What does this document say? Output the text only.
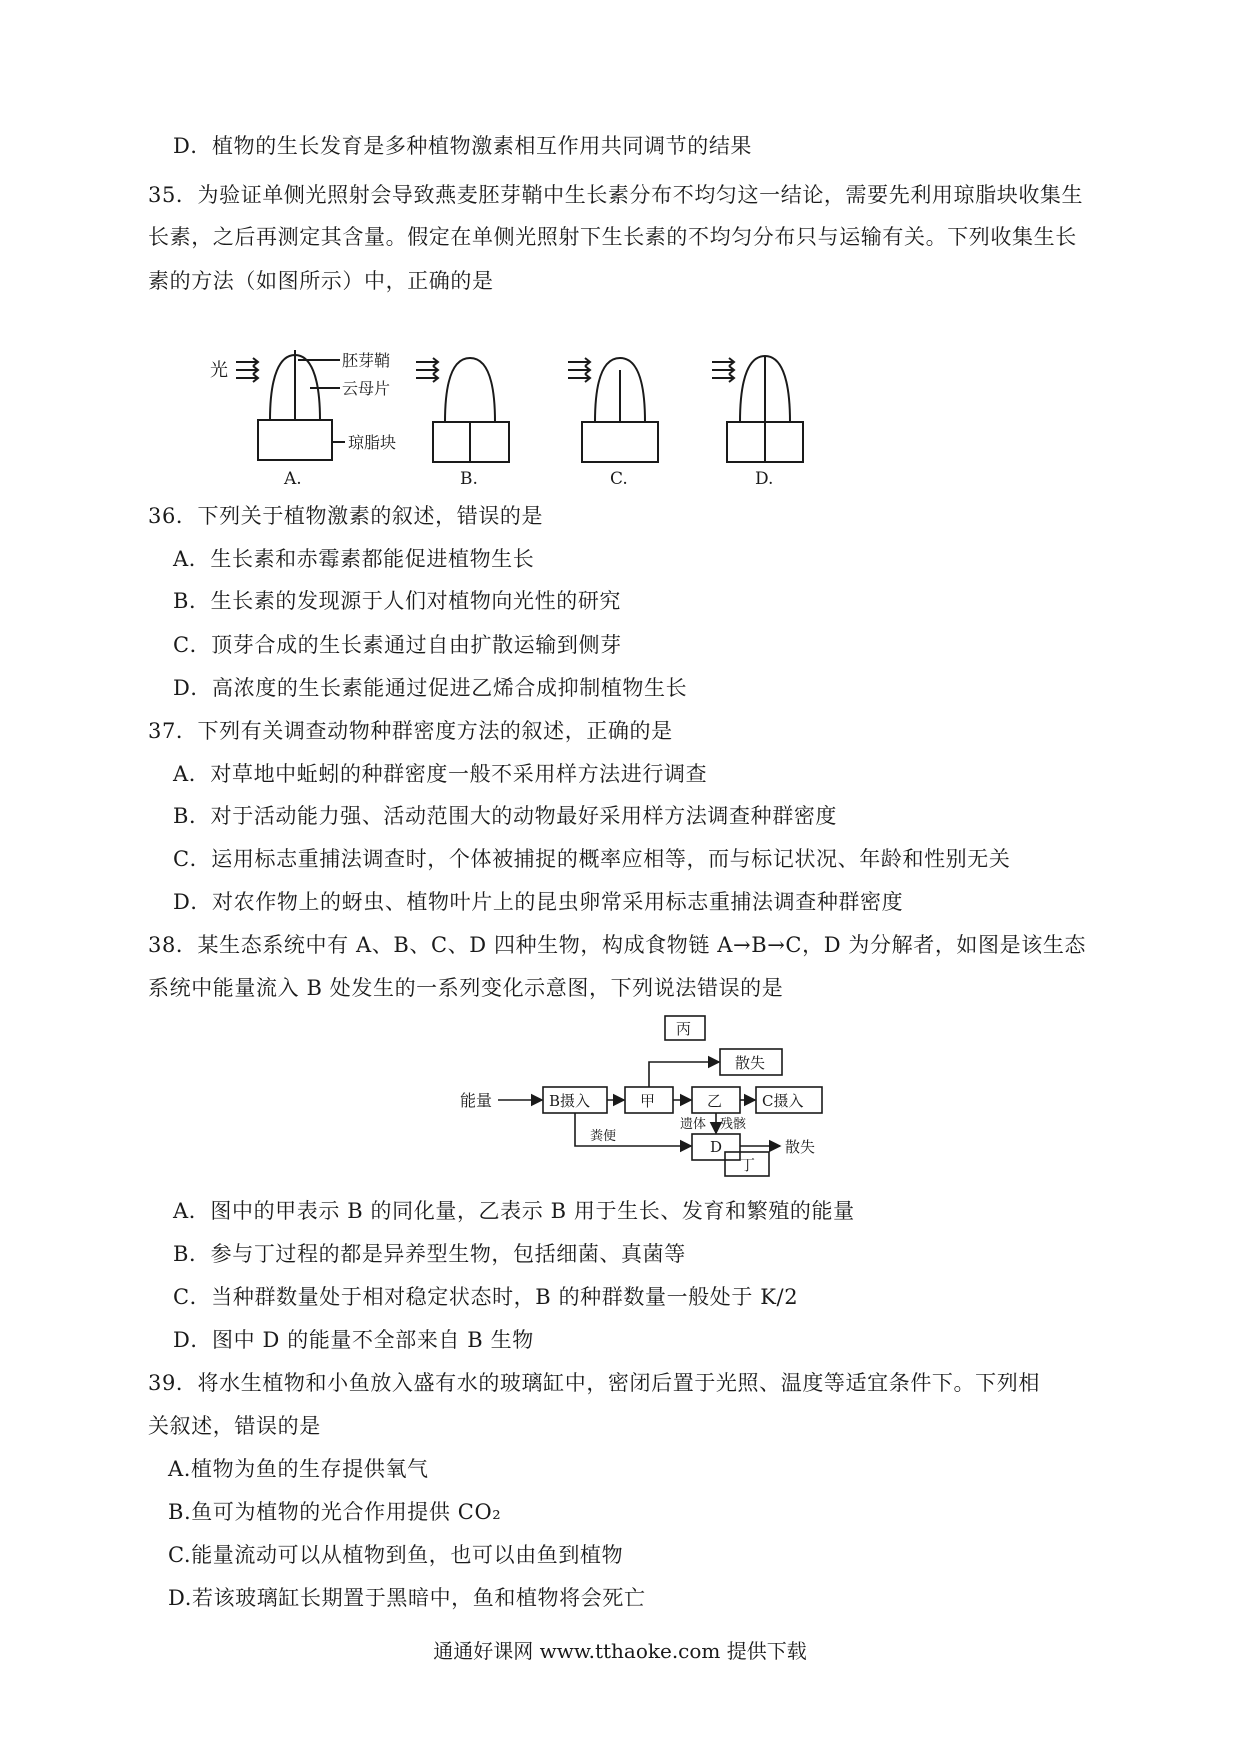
D．植物的生长发育是多种植物激素相互作用共同调节的结果
35．为验证单侧光照射会导致燕麦胚芽鞘中生长素分布不均匀这一结论，需要先利用琼脂块收集生
长素，之后再测定其含量。假定在单侧光照射下生长素的不均匀分布只与运输有关。下列收集生长
素的方法（如图所示）中，正确的是
光	胚芽鞘
云母片
琼脂块
A.	B.	C.	D.
36．下列关于植物激素的叙述，错误的是
A．生长素和赤霉素都能促进植物生长
B．生长素的发现源于人们对植物向光性的研究
C．顶芽合成的生长素通过自由扩散运输到侧芽
D．高浓度的生长素能通过促进乙烯合成抑制植物生长
37．下列有关调查动物种群密度方法的叙述，正确的是
A．对草地中蚯蚓的种群密度一般不采用样方法进行调查
B．对于活动能力强、活动范围大的动物最好采用样方法调查种群密度
C．运用标志重捕法调查时，个体被捕捉的概率应相等，而与标记状况、年龄和性别无关
D．对农作物上的蚜虫、植物叶片上的昆虫卵常采用标志重捕法调查种群密度
38．某生态系统中有 A、B、C、D 四种生物，构成食物链 A→B→C，D 为分解者，如图是该生态
系统中能量流入 B 处发生的一系列变化示意图，下列说法错误的是
能量	B摄入	甲	乙	C摄入
丙
散失
遗体 残骸
粪便
D
丁
散失
A．图中的甲表示 B 的同化量，乙表示 B 用于生长、发育和繁殖的能量
B．参与丁过程的都是异养型生物，包括细菌、真菌等
C．当种群数量处于相对稳定状态时，B 的种群数量一般处于 K/2
D．图中 D 的能量不全部来自 B 生物
39．将水生植物和小鱼放入盛有水的玻璃缸中，密闭后置于光照、温度等适宜条件下。下列相
关叙述，错误的是
A.植物为鱼的生存提供氧气
B.鱼可为植物的光合作用提供 CO₂
C.能量流动可以从植物到鱼，也可以由鱼到植物
D.若该玻璃缸长期置于黑暗中，鱼和植物将会死亡
通通好课网 www.tthaoke.com 提供下载
